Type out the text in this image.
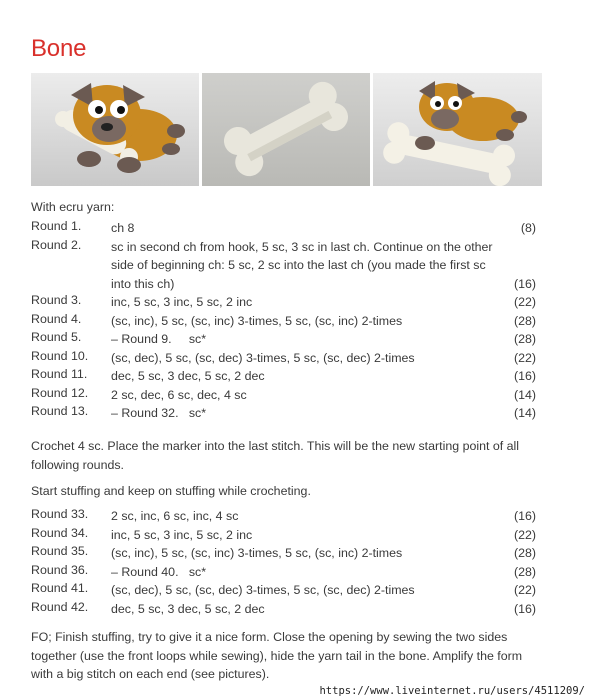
Bone
With ecru yarn:
Round 1. ch 8	(8)
Round 2. sc in second ch from hook, 5 sc, 3 sc in last ch. Continue on the other side of beginning ch: 5 sc, 2 sc into the last ch (you made the first sc into this ch)	(16)
Round 3. inc, 5 sc, 3 inc, 5 sc, 2 inc	(22)
Round 4. (sc, inc), 5 sc, (sc, inc) 3-times, 5 sc, (sc, inc) 2-times	(28)
Round 5. – Round 9.     sc*	(28)
Round 10. (sc, dec), 5 sc, (sc, dec) 3-times, 5 sc, (sc, dec) 2-times	(22)
Round 11. dec, 5 sc, 3 dec, 5 sc, 2 dec	(16)
Round 12. 2 sc, dec, 6 sc, dec, 4 sc	(14)
Round 13. – Round 32.   sc*	(14)
Crochet 4 sc. Place the marker into the last stitch. This will be the new starting point of all following rounds.
Start stuffing and keep on stuffing while crocheting.
Round 33. 2 sc, inc, 6 sc, inc, 4 sc	(16)
Round 34. inc, 5 sc, 3 inc, 5 sc, 2 inc	(22)
Round 35. (sc, inc), 5 sc, (sc, inc) 3-times, 5 sc, (sc, inc) 2-times	(28)
Round 36. – Round 40.   sc*	(28)
Round 41. (sc, dec), 5 sc, (sc, dec) 3-times, 5 sc, (sc, dec) 2-times	(22)
Round 42. dec, 5 sc, 3 dec, 5 sc, 2 dec	(16)
FO; Finish stuffing, try to give it a nice form. Close the opening by sewing the two sides together (use the front loops while sewing), hide the yarn tail in the bone. Amplify the form with a big stitch on each end (see pictures).
https://www.liveinternet.ru/users/4511209/
